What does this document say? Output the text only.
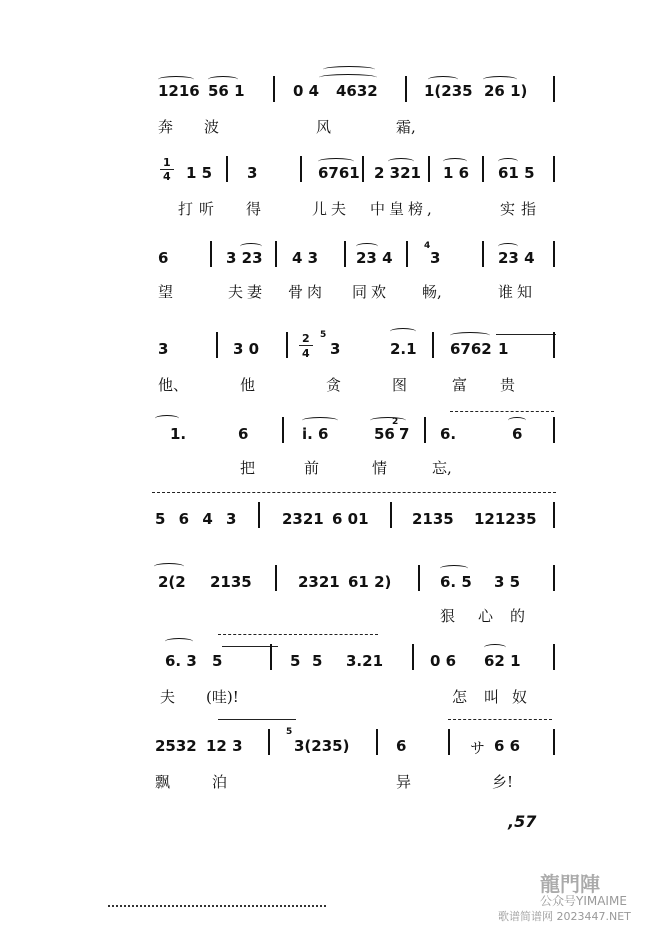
1216 56 1	0 4 4632	1(235 26 1)
奔 波	风	霜,
1
4 1 5 3	6761 2 321 1 6 61 5
打听 得	儿夫 中皇榜,	实指
6	3 23 4 3	23 4
4
3	23 4
望	夫妻 骨肉 同欢 畅,	谁知
3	3 0
2
4
5
3	2.1 6762 1
他、	他	贪	图	富 贵
1.	6	i. 6	56
2
7 6.	6
把	前	情	忘,
5 6 4 3	2321 6 01	2135 121235
2(2 2135	2321 61 2)	6. 5 3 5
狠 心 的
6. 3 5	5 5 3.21	0 6 62 1
夫 (哇)!	怎 叫 奴
2532 12 3
5
3(235)	6	サ 6 6
飘	泊	异	乡!
,57
龍門陣
公众号YIMAIME
歌谱简谱网 2023447.NET
